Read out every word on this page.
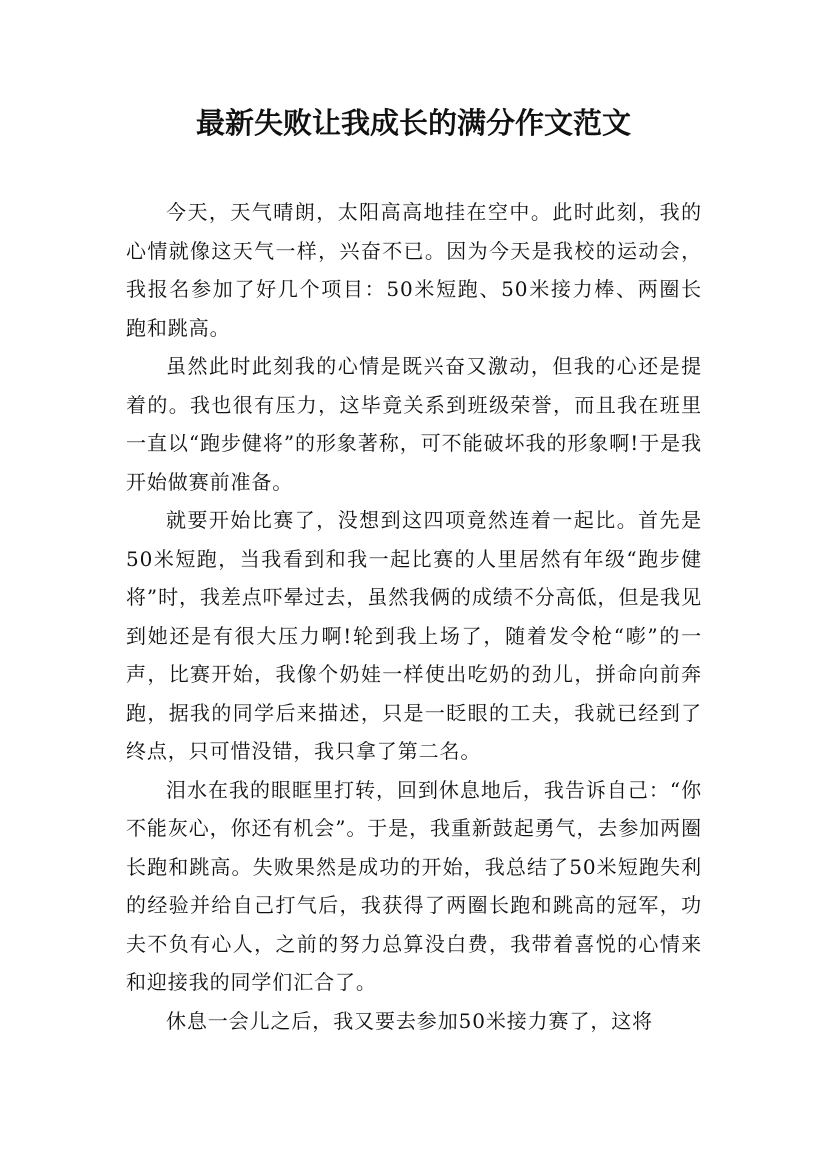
最新失败让我成长的满分作文范文

今天，天气晴朗，太阳高高地挂在空中。此时此刻，我的心情就像这天气一样，兴奋不已。因为今天是我校的运动会，我报名参加了好几个项目：50米短跑、50米接力棒、两圈长跑和跳高。

虽然此时此刻我的心情是既兴奋又激动，但我的心还是提着的。我也很有压力，这毕竟关系到班级荣誉，而且我在班里一直以“跑步健将”的形象著称，可不能破坏我的形象啊!于是我开始做赛前准备。

就要开始比赛了，没想到这四项竟然连着一起比。首先是50米短跑，当我看到和我一起比赛的人里居然有年级“跑步健将”时，我差点吓晕过去，虽然我俩的成绩不分高低，但是我见到她还是有很大压力啊!轮到我上场了，随着发令枪“嘭”的一声，比赛开始，我像个奶娃一样使出吃奶的劲儿，拼命向前奔跑，据我的同学后来描述，只是一眨眼的工夫，我就已经到了终点，只可惜没错，我只拿了第二名。

泪水在我的眼眶里打转，回到休息地后，我告诉自己：“你不能灰心，你还有机会”。于是，我重新鼓起勇气，去参加两圈长跑和跳高。失败果然是成功的开始，我总结了50米短跑失利的经验并给自己打气后，我获得了两圈长跑和跳高的冠军，功夫不负有心人，之前的努力总算没白费，我带着喜悦的心情来和迎接我的同学们汇合了。

休息一会儿之后，我又要去参加50米接力赛了，这将
